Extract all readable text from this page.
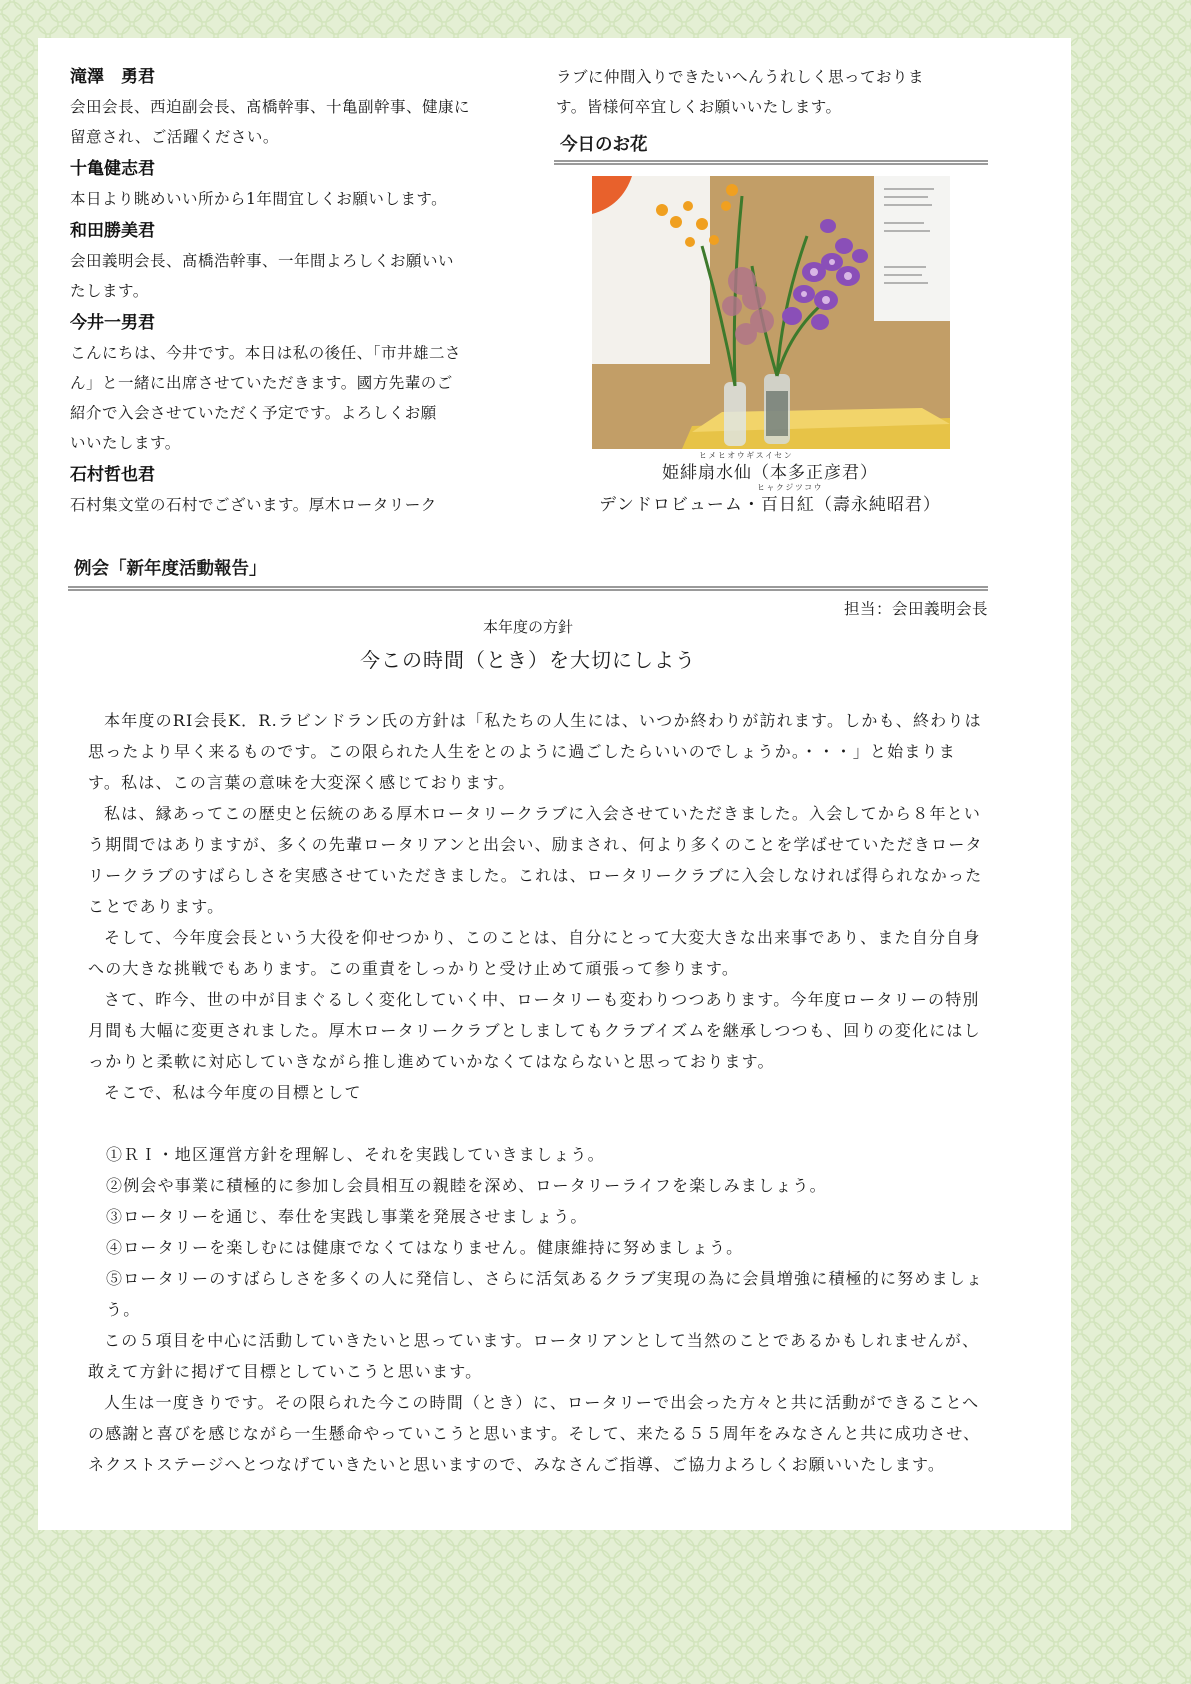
滝澤　勇君
会田会長、西迫副会長、髙橋幹事、十亀副幹事、健康に
留意され、ご活躍ください。
十亀健志君
本日より眺めいい所から1年間宜しくお願いします。
和田勝美君
会田義明会長、髙橋浩幹事、一年間よろしくお願いい
たします。
今井一男君
こんにちは、今井です。本日は私の後任、「市井雄二さ
ん」と一緒に出席させていただきます。國方先輩のご
紹介で入会させていただく予定です。よろしくお願
いいたします。
石村哲也君
石村集文堂の石村でございます。厚木ロータリーク
ラブに仲間入りできたいへんうれしく思っておりま
す。皆様何卒宜しくお願いいたします。
今日のお花
ヒメヒオウギスイセン
姫緋扇水仙（本多正彦君）
ヒャクジツコウ
デンドロビューム・百日紅（壽永純昭君）
例会「新年度活動報告」
担当：会田義明会長
本年度の方針
今この時間（とき）を大切にしよう

本年度のRI会長K．R.ラビンドラン氏の方針は「私たちの人生には、いつか終わりが訪れます。しかも、終わりは思ったより早く来るものです。この限られた人生をとのように過ごしたらいいのでしょうか。・・・」と始まります。私は、この言葉の意味を大変深く感じております。

私は、縁あってこの歴史と伝統のある厚木ロータリークラブに入会させていただきました。入会してから８年という期間ではありますが、多くの先輩ロータリアンと出会い、励まされ、何より多くのことを学ばせていただきロータリークラブのすばらしさを実感させていただきました。これは、ロータリークラブに入会しなければ得られなかったことであります。

そして、今年度会長という大役を仰せつかり、このことは、自分にとって大変大きな出来事であり、また自分自身への大きな挑戦でもあります。この重責をしっかりと受け止めて頑張って参ります。

さて、昨今、世の中が目まぐるしく変化していく中、ロータリーも変わりつつあります。今年度ロータリーの特別月間も大幅に変更されました。厚木ロータリークラブとしましてもクラブイズムを継承しつつも、回りの変化にはしっかりと柔軟に対応していきながら推し進めていかなくてはならないと思っております。

そこで、私は今年度の目標として

①ＲＩ・地区運営方針を理解し、それを実践していきましょう。

②例会や事業に積極的に参加し会員相互の親睦を深め、ロータリーライフを楽しみましょう。

③ロータリーを通じ、奉仕を実践し事業を発展させましょう。

④ロータリーを楽しむには健康でなくてはなりません。健康維持に努めましょう。

⑤ロータリーのすばらしさを多くの人に発信し、さらに活気あるクラブ実現の為に会員増強に積極的に努めましょう。

この５項目を中心に活動していきたいと思っています。ロータリアンとして当然のことであるかもしれませんが、敢えて方針に掲げて目標としていこうと思います。

人生は一度きりです。その限られた今この時間（とき）に、ロータリーで出会った方々と共に活動ができることへの感謝と喜びを感じながら一生懸命やっていこうと思います。そして、来たる５５周年をみなさんと共に成功させ、ネクストステージへとつなげていきたいと思いますので、みなさんご指導、ご協力よろしくお願いいたします。
